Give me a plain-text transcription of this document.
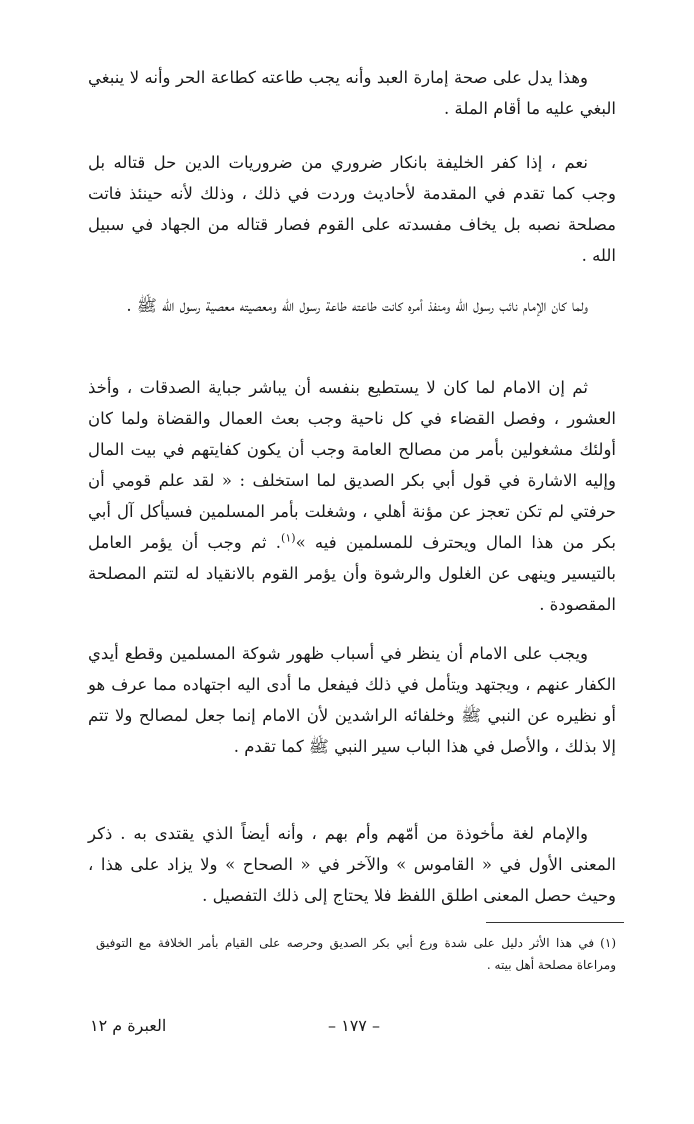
وهذا يدل على صحة إمارة العبد وأنه يجب طاعته كطاعة الحر وأنه لا ينبغي البغي عليه ما أقام الملة .

نعم ، إذا كفر الخليفة بانكار ضروري من ضروريات الدين حل قتاله بل وجب كما تقدم في المقدمة لأحاديث وردت في ذلك ، وذلك لأنه حينئذ فاتت مصلحة نصبه بل يخاف مفسدته على القوم فصار قتاله من الجهاد في سبيل الله .

ولما كان الإمام نائب رسول الله ومنفذ أمره كانت طاعته طاعة رسول الله ومعصيته معصية رسول الله ﷺ .

ثم إن الامام لما كان لا يستطيع بنفسه أن يباشر جباية الصدقات ، وأخذ العشور ، وفصل القضاء في كل ناحية وجب بعث العمال والقضاة ولما كان أولئك مشغولين بأمر من مصالح العامة وجب أن يكون كفايتهم في بيت المال وإليه الاشارة في قول أبي بكر الصديق لما استخلف : « لقد علم قومي أن حرفتي لم تكن تعجز عن مؤنة أهلي ، وشغلت بأمر المسلمين فسيأكل آل أبي بكر من هذا المال ويحترف للمسلمين فيه »$^{(١)}$. ثم وجب أن يؤمر العامل بالتيسير وينهى عن الغلول والرشوة وأن يؤمر القوم بالانقياد له لتتم المصلحة المقصودة .

ويجب على الامام أن ينظر في أسباب ظهور شوكة المسلمين وقطع أيدي الكفار عنهم ، ويجتهد ويتأمل في ذلك فيفعل ما أدى اليه اجتهاده مما عرف هو أو نظيره عن النبي ﷺ وخلفائه الراشدين لأن الامام إنما جعل لمصالح ولا تتم إلا بذلك ، والأصل في هذا الباب سير النبي ﷺ كما تقدم .

والإمام لغة مأخوذة من أمّهم وأم بهم ، وأنه أيضاً الذي يقتدى به . ذكر المعنى الأول في « القاموس » والآخر في « الصحاح » ولا يزاد على هذا ، وحيث حصل المعنى اطلق اللفظ فلا يحتاج إلى ذلك التفصيل .

(١)في هذا الأثر دليل على شدة ورع أبي بكر الصديق وحرصه على القيام بأمر الخلافة مع التوفيق ومراعاة مصلحة أهل بيته .

– ١٧٧ –
العبرة م ١٢
